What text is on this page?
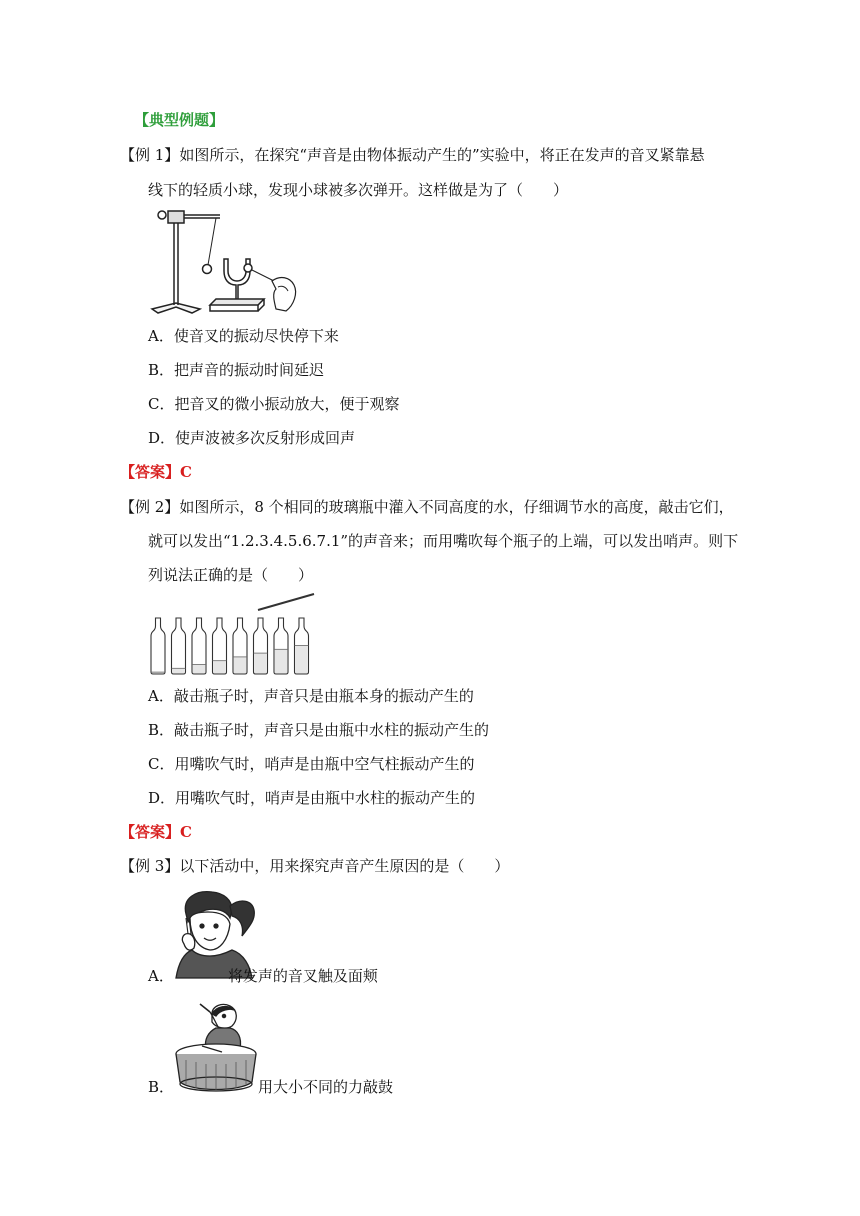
【典型例题】
【例 1】如图所示，在探究“声音是由物体振动产生的”实验中，将正在发声的音叉紧靠悬
线下的轻质小球，发现小球被多次弹开。这样做是为了（　　）
A．使音叉的振动尽快停下来
B．把声音的振动时间延迟
C．把音叉的微小振动放大，便于观察
D．使声波被多次反射形成回声
【答案】C
【例 2】如图所示，8 个相同的玻璃瓶中灌入不同高度的水，仔细调节水的高度，敲击它们，
就可以发出“1.2.3.4.5.6.7.1”的声音来；而用嘴吹每个瓶子的上端，可以发出哨声。则下
列说法正确的是（　　）
A．敲击瓶子时，声音只是由瓶本身的振动产生的
B．敲击瓶子时，声音只是由瓶中水柱的振动产生的
C．用嘴吹气时，哨声是由瓶中空气柱振动产生的
D．用嘴吹气时，哨声是由瓶中水柱的振动产生的
【答案】C
【例 3】以下活动中，用来探究声音产生原因的是（　　）
A．	将发声的音叉触及面颊
B．	用大小不同的力敲鼓
